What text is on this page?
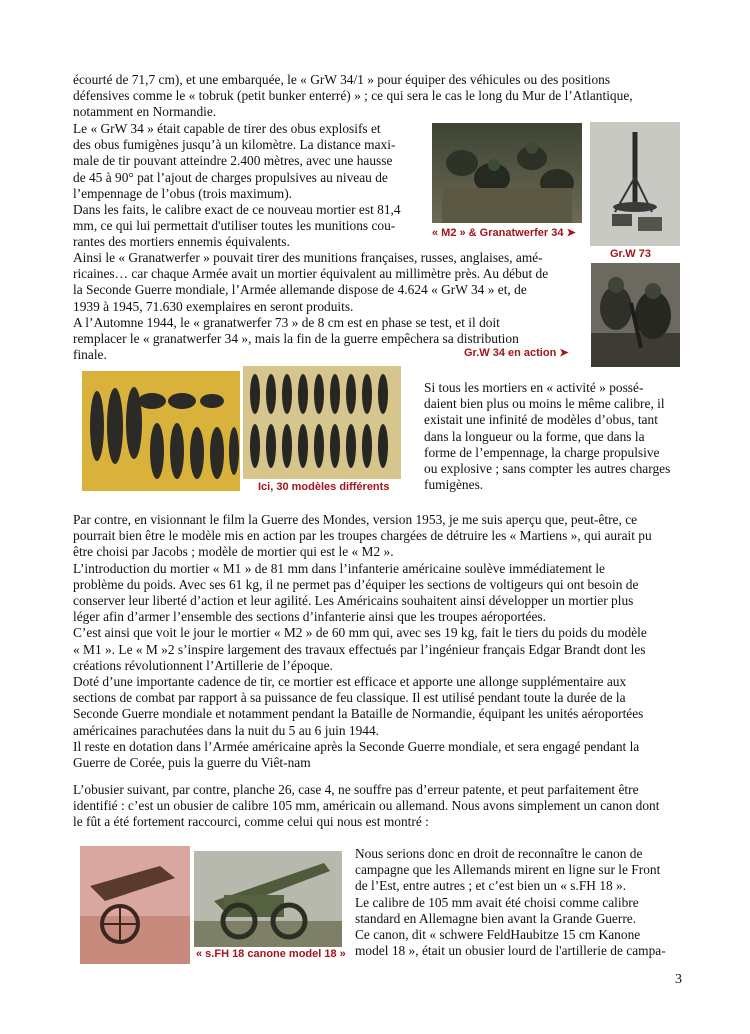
écourté de 71,7 cm), et une embarquée, le « GrW 34/1 » pour équiper des véhicules ou des positions
défensives comme le « tobruk (petit bunker enterré) » ; ce qui sera le cas le long du Mur de l’Atlantique,
notamment en Normandie.
Le « GrW 34 » était capable de tirer des obus explosifs et
des obus fumigènes jusqu’à un kilomètre. La distance maxi-
male de tir pouvant atteindre 2.400 mètres, avec une hausse
de 45 à 90° pat l’ajout de charges propulsives au niveau de
l’empennage de l’obus (trois maximum).
Dans les faits, le calibre exact de ce nouveau mortier est 81,4
mm, ce qui lui permettait d'utiliser toutes les munitions cou-
rantes des mortiers ennemis équivalents.
« M2 » & Granatwerfer 34 ➤
Gr.W 73
Ainsi le « Granatwerfer » pouvait tirer des munitions françaises, russes, anglaises, amé-
ricaines… car chaque Armée avait un mortier équivalent au millimètre près. Au début de
la Seconde Guerre mondiale, l’Armée allemande dispose de 4.624 « GrW 34 » et, de
1939 à 1945, 71.630 exemplaires en seront produits.
A l’Automne 1944, le « granatwerfer 73 » de 8 cm est en phase se test, et il doit
remplacer le « granatwerfer 34 », mais la fin de la guerre empêchera sa distribution
finale.	Gr.W 34 en action ➤
Ici, 30 modèles différents
Si tous les mortiers en « activité » possé-
daient bien plus ou moins le même calibre, il
existait une infinité de modèles d’obus, tant
dans la longueur ou la forme, que dans la
forme de l’empennage, la charge propulsive
ou explosive ; sans compter les autres charges
fumigènes.
Par contre, en visionnant le film la Guerre des Mondes, version 1953, je me suis aperçu que, peut-être, ce
pourrait bien être le modèle mis en action par les troupes chargées de détruire les « Martiens », qui aurait pu
être choisi par Jacobs ; modèle de mortier qui est le « M2 ».
L’introduction du mortier « M1 » de 81 mm dans l’infanterie américaine soulève immédiatement le
problème du poids. Avec ses 61 kg, il ne permet pas d’équiper les sections de voltigeurs qui ont besoin de
conserver leur liberté d’action et leur agilité. Les Américains souhaitent ainsi développer un mortier plus
léger afin d’armer l’ensemble des sections d’infanterie ainsi que les troupes aéroportées.
C’est ainsi que voit le jour le mortier « M2 » de 60 mm qui, avec ses 19 kg, fait le tiers du poids du modèle
« M1 ». Le « M »2 s’inspire largement des travaux effectués par l’ingénieur français Edgar Brandt dont les
créations révolutionnent l’Artillerie de l’époque.
Doté d’une importante cadence de tir, ce mortier est efficace et apporte une allonge supplémentaire aux
sections de combat par rapport à sa puissance de feu classique. Il est utilisé pendant toute la durée de la
Seconde Guerre mondiale et notamment pendant la Bataille de Normandie, équipant les unités aéroportées
américaines parachutées dans la nuit du 5 au 6 juin 1944.
Il reste en dotation dans l’Armée américaine après la Seconde Guerre mondiale, et sera engagé pendant la
Guerre de Corée, puis la guerre du Viêt-nam
L’obusier suivant, par contre, planche 26, case 4, ne souffre pas d’erreur patente, et peut parfaitement être
identifié : c’est un obusier de calibre 105 mm, américain ou allemand. Nous avons simplement un canon dont
le fût a été fortement raccourci, comme celui qui nous est montré :
« s.FH 18 canone model 18 »
Nous serions donc en droit de reconnaître le canon de
campagne que les Allemands mirent en ligne sur le Front
de l’Est, entre autres ; et c’est bien un « s.FH 18 ».
Le calibre de 105 mm avait été choisi comme calibre
standard en Allemagne bien avant la Grande Guerre.
Ce canon, dit « schwere FeldHaubitze 15 cm Kanone
model 18 », était un obusier lourd de l'artillerie de campa-
3
